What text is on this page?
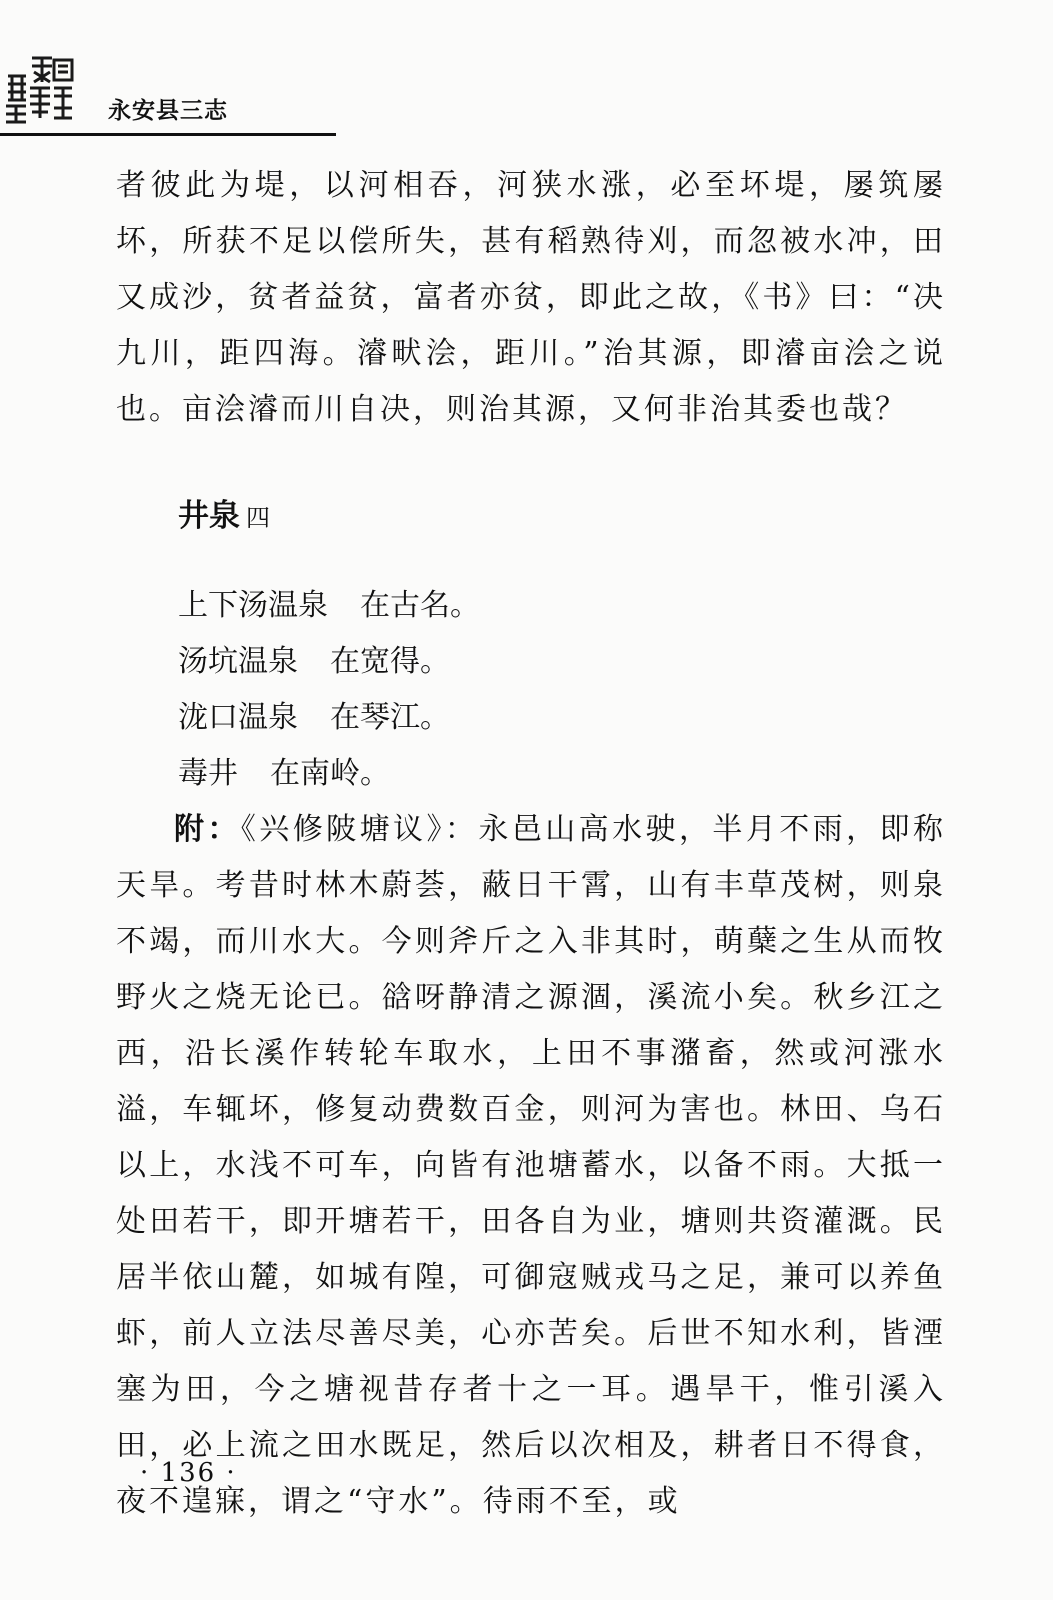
永安县三志

者彼此为堤，以河相吞，河狭水涨，必至坏堤，屡筑屡坏，所获不足以偿所失，甚有稻熟待刈，而忽被水冲，田又成沙，贫者益贫，富者亦贫，即此之故，《书》曰：“决九川，距四海。濬畎浍，距川。”治其源，即濬亩浍之说也。亩浍濬而川自决，则治其源，又何非治其委也哉？

井泉 四
上下汤温泉 在古名。
汤坑温泉 在宽得。
泷口温泉 在琴江。
毒井 在南岭。

附：《兴修陂塘议》：永邑山高水驶，半月不雨，即称天旱。考昔时林木蔚荟，蔽日干霄，山有丰草茂树，则泉不竭，而川水大。今则斧斤之入非其时，萌蘖之生从而牧野火之烧无论已。谽呀静清之源涸，溪流小矣。秋乡江之西，沿长溪作转轮车取水，上田不事潴畜，然或河涨水溢，车辄坏，修复动费数百金，则河为害也。林田、乌石以上，水浅不可车，向皆有池塘蓄水，以备不雨。大抵一处田若干，即开塘若干，田各自为业，塘则共资灌溉。民居半依山麓，如城有隍，可御寇贼戎马之足，兼可以养鱼虾，前人立法尽善尽美，心亦苦矣。后世不知水利，皆湮塞为田，今之塘视昔存者十之一耳。遇旱干，惟引溪入田，必上流之田水既足，然后以次相及，耕者日不得食，夜不遑寐，谓之“守水”。待雨不至，或

· 136 ·
